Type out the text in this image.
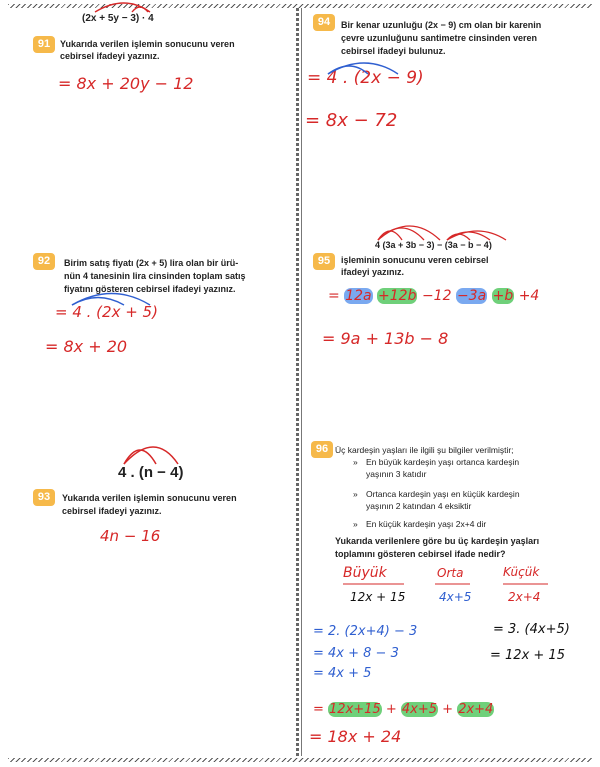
(2x + 5y − 3) · 4
91	Yukarıda verilen işlemin sonucunu veren
cebirsel ifadeyi yazınız.
= 8x + 20y − 12
92	Birim satış fiyatı (2x + 5) lira olan bir ürü-
nün 4 tanesinin lira cinsinden toplam satış
fiyatını gösteren cebirsel ifadeyi yazınız.
= 4 . (2x + 5)
= 8x + 20
4 . (n − 4)
93	Yukarıda verilen işlemin sonucunu veren
cebirsel ifadeyi yazınız.
4n − 16
94	Bir kenar uzunluğu (2x − 9) cm olan bir karenin
çevre uzunluğunu santimetre cinsinden veren
cebirsel ifadeyi bulunuz.
= 4 . (2x − 9)
= 8x − 72
4 (3a + 3b − 3) − (3a − b − 4)
95	işleminin sonucunu veren cebirsel
ifadeyi yazınız.
= 12a +12b −12 −3a +b +4
= 9a + 13b − 8
96 Üç kardeşin yaşları ile ilgili şu bilgiler verilmiştir;
» En büyük kardeşin yaşı ortanca kardeşin
yaşının 3 katıdır
» Ortanca kardeşin yaşı en küçük kardeşin
yaşının 2 katından 4 eksiktir
» En küçük kardeşin yaşı 2x+4 dir
Yukarıda verilenlere göre bu üç kardeşin yaşları
toplamını gösteren cebirsel ifade nedir?
Büyük	Orta	Küçük
12x + 15	4x+5	2x+4
= 2. (2x+4) − 3
= 4x + 8 − 3
= 4x + 5
= 3. (4x+5)
= 12x + 15
= 12x+15 + 4x+5 + 2x+4
= 18x + 24
